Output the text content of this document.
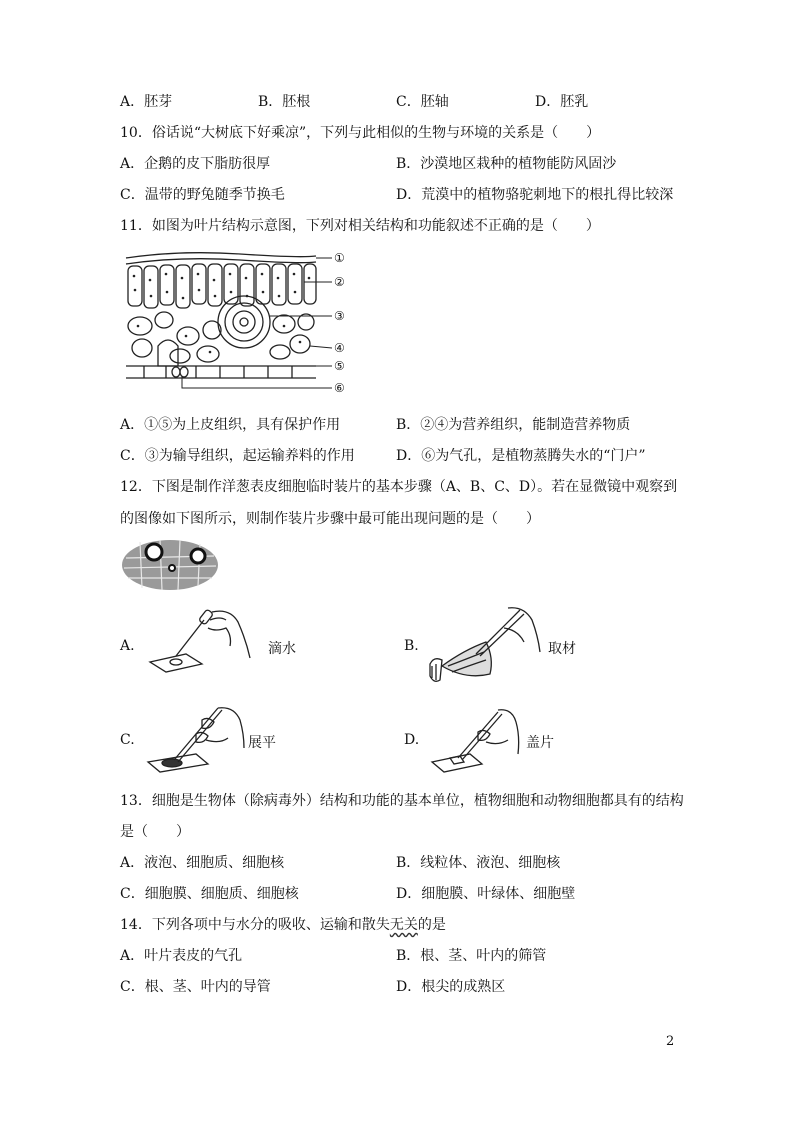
A．胚芽	B．胚根	C．胚轴	D．胚乳
10．俗话说“大树底下好乘凉”，下列与此相似的生物与环境的关系是（　　）
A．企鹅的皮下脂肪很厚	B．沙漠地区栽种的植物能防风固沙
C．温带的野兔随季节换毛	D．荒漠中的植物骆驼刺地下的根扎得比较深
11．如图为叶片结构示意图，下列对相关结构和功能叙述不正确的是（　　）
①
②
③
④
⑤
⑥
A．①⑤为上皮组织，具有保护作用	B．②④为营养组织，能制造营养物质
C．③为输导组织，起运输养料的作用	D．⑥为气孔，是植物蒸腾失水的“门户”
12．下图是制作洋葱表皮细胞临时装片的基本步骤（A、B、C、D）。若在显微镜中观察到
的图像如下图所示，则制作装片步骤中最可能出现问题的是（　　）
A.	滴水	B.	取材
C.	展平	D.	盖片
13．细胞是生物体（除病毒外）结构和功能的基本单位，植物细胞和动物细胞都具有的结构
是（　　）
A．液泡、细胞质、细胞核	B．线粒体、液泡、细胞核
C．细胞膜、细胞质、细胞核	D．细胞膜、叶绿体、细胞壁
14．下列各项中与水分的吸收、运输和散失无关的是
A．叶片表皮的气孔	B．根、茎、叶内的筛管
C．根、茎、叶内的导管	D．根尖的成熟区
2
